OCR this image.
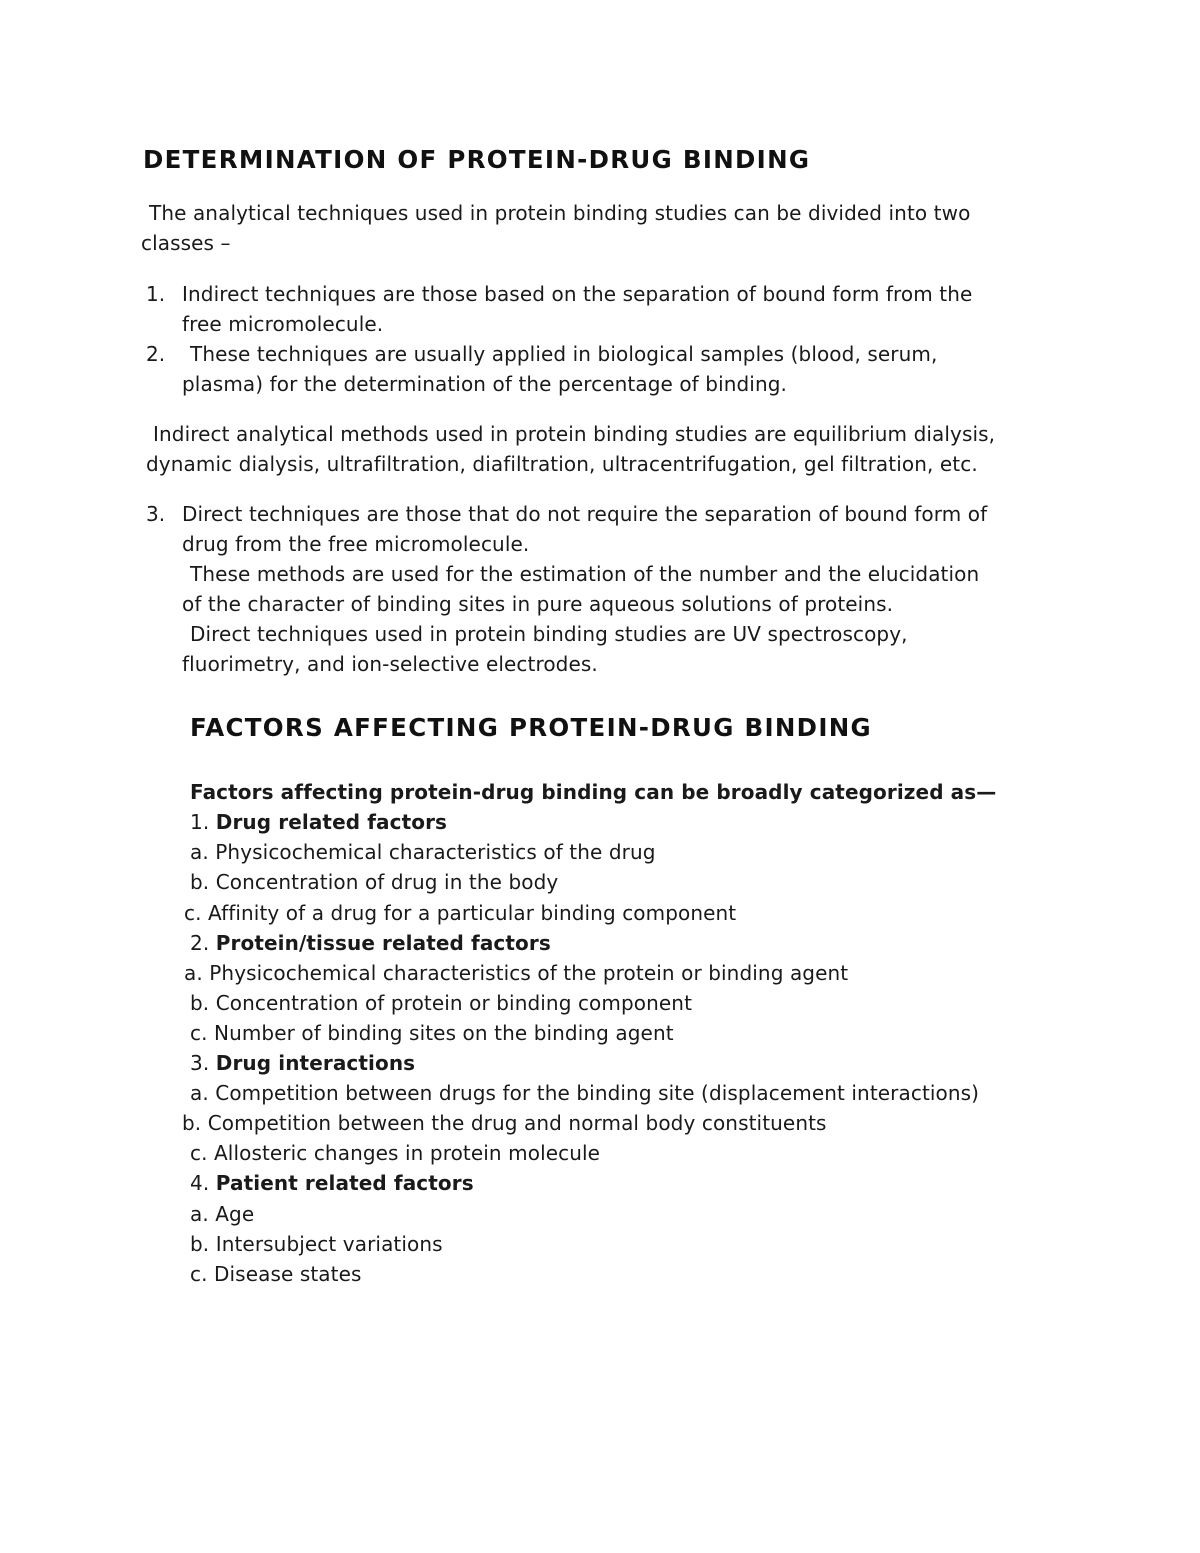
DETERMINATION OF PROTEIN-DRUG BINDING
The analytical techniques used in protein binding studies can be divided into two
classes –
1. Indirect techniques are those based on the separation of bound form from the
free micromolecule.
2. These techniques are usually applied in biological samples (blood, serum,
plasma) for the determination of the percentage of binding.
Indirect analytical methods used in protein binding studies are equilibrium dialysis,
dynamic dialysis, ultrafiltration, diafiltration, ultracentrifugation, gel filtration, etc.
3. Direct techniques are those that do not require the separation of bound form of
drug from the free micromolecule.
These methods are used for the estimation of the number and the elucidation
of the character of binding sites in pure aqueous solutions of proteins.
Direct techniques used in protein binding studies are UV spectroscopy,
fluorimetry, and ion-selective electrodes.
FACTORS AFFECTING PROTEIN-DRUG BINDING
Factors affecting protein-drug binding can be broadly categorized as—
1. Drug related factors
a. Physicochemical characteristics of the drug
b. Concentration of drug in the body
c. Affinity of a drug for a particular binding component
2. Protein/tissue related factors
a. Physicochemical characteristics of the protein or binding agent
b. Concentration of protein or binding component
c. Number of binding sites on the binding agent
3. Drug interactions
a. Competition between drugs for the binding site (displacement interactions)
b. Competition between the drug and normal body constituents
c. Allosteric changes in protein molecule
4. Patient related factors
a. Age
b. Intersubject variations
c. Disease states
